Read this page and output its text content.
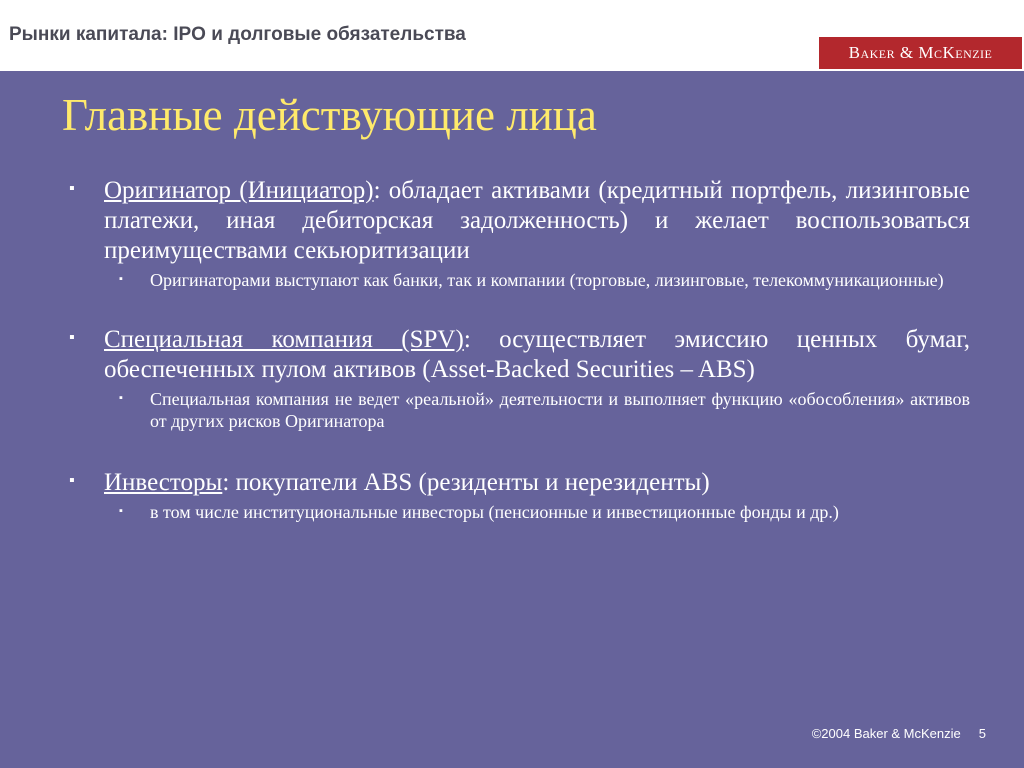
Рынки капитала: IPO и долговые обязательства
Baker & McKenzie
Главные действующие лица
▪ Оригинатор (Инициатор): обладает активами (кредитный портфель, лизинговые платежи, иная дебиторская задолженность) и желает воспользоваться преимуществами секьюритизации
▪ Оригинаторами выступают как банки, так и компании (торговые, лизинговые, телекоммуникационные)
▪ Специальная компания (SPV): осуществляет эмиссию ценных бумаг, обеспеченных пулом активов (Asset-Backed Securities – ABS)
▪ Специальная компания не ведет «реальной» деятельности и выполняет функцию «обособления» активов от других рисков Оригинатора
▪ Инвесторы: покупатели ABS (резиденты и нерезиденты)
▪ в том числе институциональные инвесторы (пенсионные и инвестиционные фонды и др.)
©2004 Baker & McKenzie 5
